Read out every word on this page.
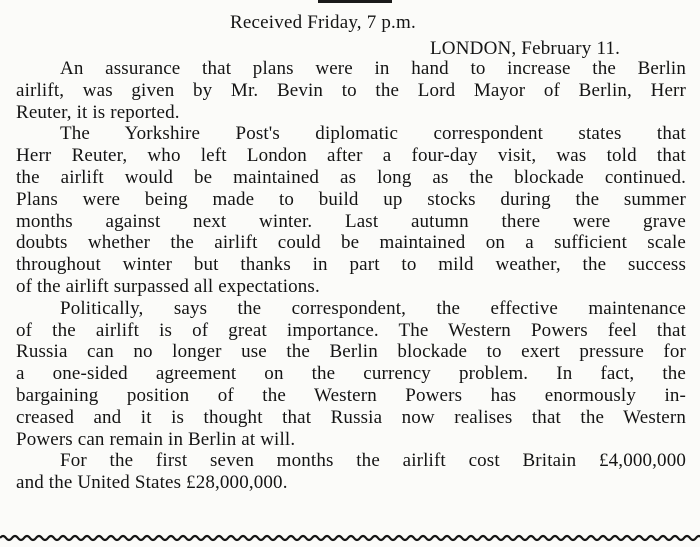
Received Friday, 7 p.m.
LONDON, February 11.
An assurance that plans were in hand to increase the Berlin
airlift, was given by Mr. Bevin to the Lord Mayor of Berlin, Herr
Reuter, it is reported.
The Yorkshire Post's diplomatic correspondent states that
Herr Reuter, who left London after a four-day visit, was told that
the airlift would be maintained as long as the blockade continued.
Plans were being made to build up stocks during the summer
months against next winter. Last autumn there were grave
doubts whether the airlift could be maintained on a sufficient scale
throughout winter but thanks in part to mild weather, the success
of the airlift surpassed all expectations.
Politically, says the correspondent, the effective maintenance
of the airlift is of great importance. The Western Powers feel that
Russia can no longer use the Berlin blockade to exert pressure for
a one-sided agreement on the currency problem. In fact, the
bargaining position of the Western Powers has enormously in-
creased and it is thought that Russia now realises that the Western
Powers can remain in Berlin at will.
For the first seven months the airlift cost Britain £4,000,000
and the United States £28,000,000.
